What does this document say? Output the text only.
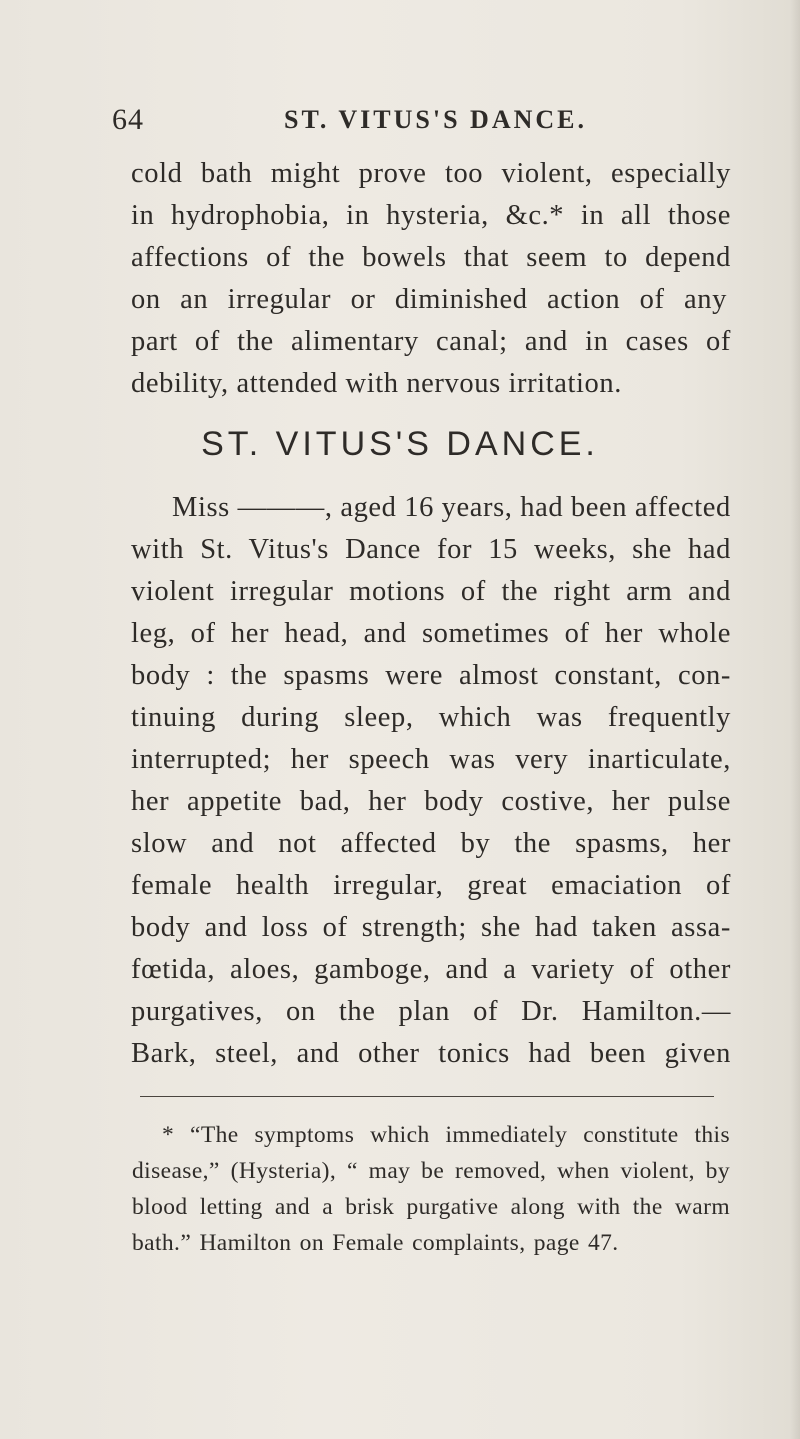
64	ST. VITUS'S DANCE.
cold bath might prove too violent, especially
in hydrophobia, in hysteria, &c.* in all those
affections of the bowels that seem to depend
on an irregular or diminished action of any
part of the alimentary canal; and in cases of
debility, attended with nervous irritation.
ST. VITUS'S DANCE.
Miss ———, aged 16 years, had been affected
with St. Vitus's Dance for 15 weeks, she had
violent irregular motions of the right arm and
leg, of her head, and sometimes of her whole
body : the spasms were almost constant, con-
tinuing during sleep, which was frequently
interrupted; her speech was very inarticulate,
her appetite bad, her body costive, her pulse
slow and not affected by the spasms, her
female health irregular, great emaciation of
body and loss of strength; she had taken assa-
fœtida, aloes, gamboge, and a variety of other
purgatives, on the plan of Dr. Hamilton.—
Bark, steel, and other tonics had been given
* “The symptoms which immediately constitute this
disease,” (Hysteria), “ may be removed, when violent, by
blood letting and a brisk purgative along with the warm
bath.” Hamilton on Female complaints, page 47.
